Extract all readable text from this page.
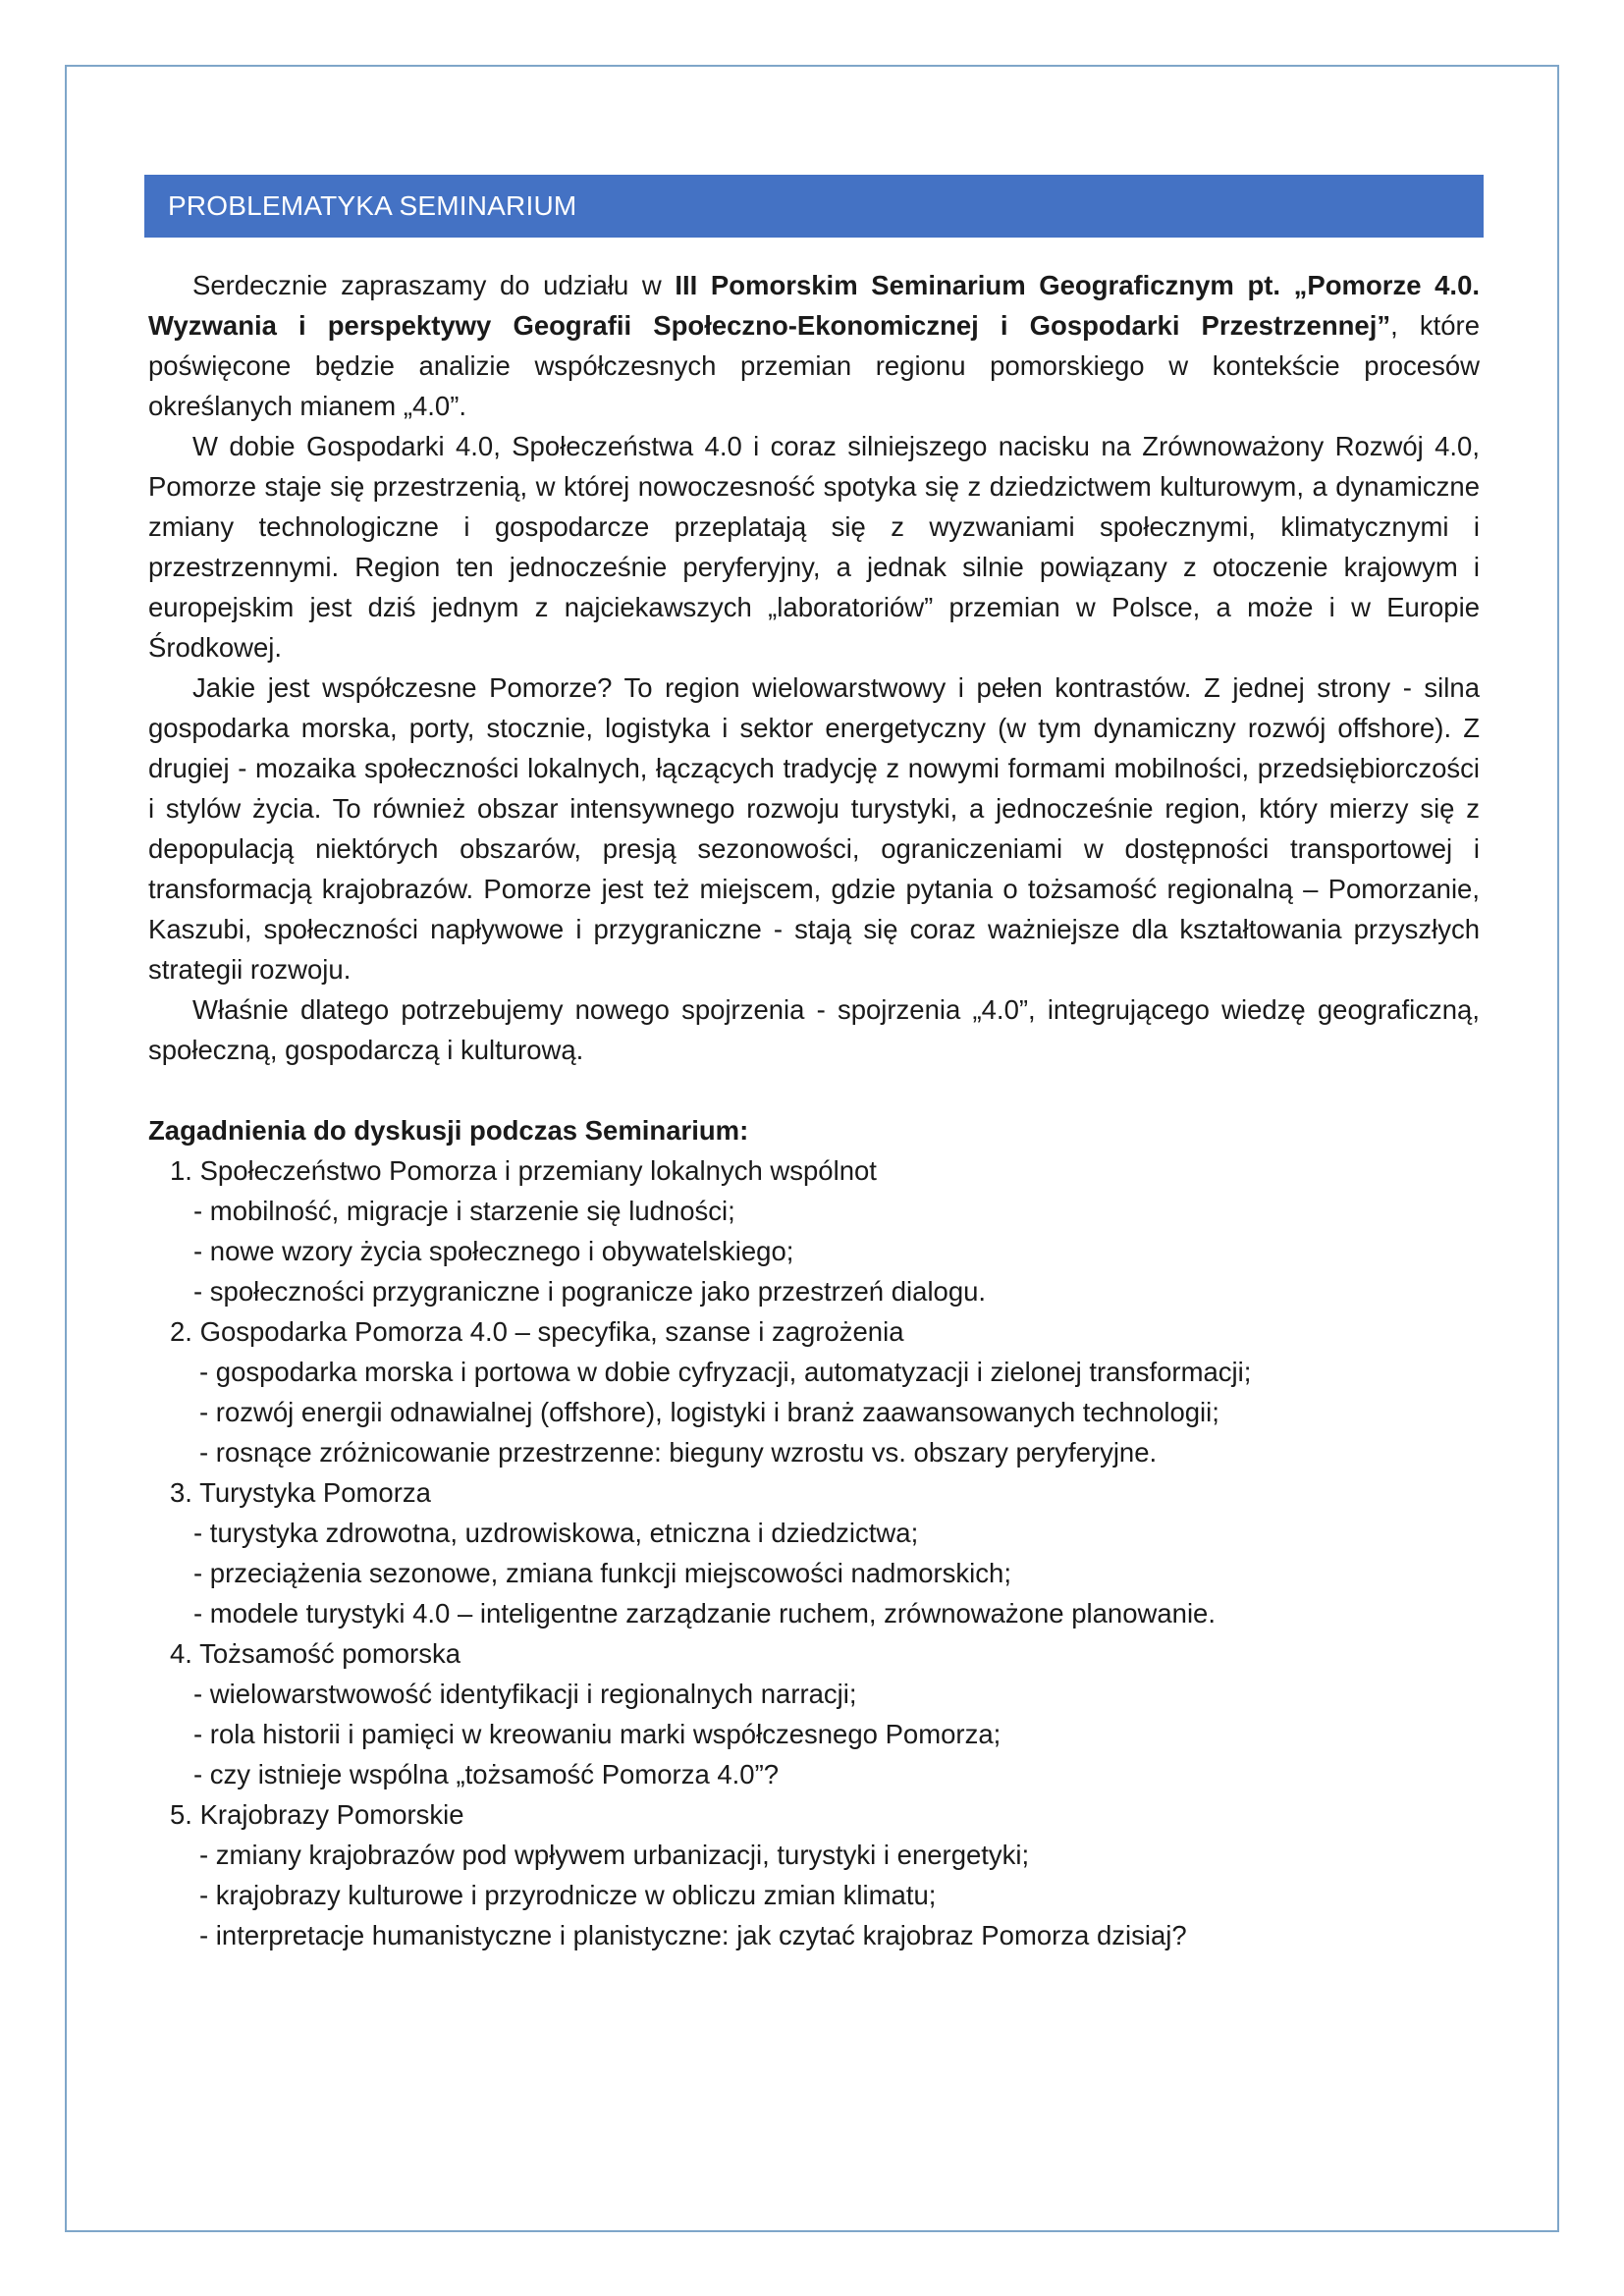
PROBLEMATYKA SEMINARIUM

Serdecznie zapraszamy do udziału w III Pomorskim Seminarium Geograficznym pt. „Pomorze 4.0. Wyzwania i perspektywy Geografii Społeczno-Ekonomicznej i Gospodarki Przestrzennej”, które poświęcone będzie analizie współczesnych przemian regionu pomorskiego w kontekście procesów określanych mianem „4.0”.

W dobie Gospodarki 4.0, Społeczeństwa 4.0 i coraz silniejszego nacisku na Zrównoważony Rozwój 4.0, Pomorze staje się przestrzenią, w której nowoczesność spotyka się z dziedzictwem kulturowym, a dynamiczne zmiany technologiczne i gospodarcze przeplatają się z wyzwaniami społecznymi, klimatycznymi i przestrzennymi. Region ten jednocześnie peryferyjny, a jednak silnie powiązany z otoczenie krajowym i europejskim jest dziś jednym z najciekawszych „laboratoriów” przemian w Polsce, a może i w Europie Środkowej.

Jakie jest współczesne Pomorze? To region wielowarstwowy i pełen kontrastów. Z jednej strony - silna gospodarka morska, porty, stocznie, logistyka i sektor energetyczny (w tym dynamiczny rozwój offshore). Z drugiej - mozaika społeczności lokalnych, łączących tradycję z nowymi formami mobilności, przedsiębiorczości i stylów życia. To również obszar intensywnego rozwoju turystyki, a jednocześnie region, który mierzy się z depopulacją niektórych obszarów, presją sezonowości, ograniczeniami w dostępności transportowej i transformacją krajobrazów. Pomorze jest też miejscem, gdzie pytania o tożsamość regionalną – Pomorzanie, Kaszubi, społeczności napływowe i przygraniczne - stają się coraz ważniejsze dla kształtowania przyszłych strategii rozwoju.

Właśnie dlatego potrzebujemy nowego spojrzenia - spojrzenia „4.0”, integrującego wiedzę geograficzną, społeczną, gospodarczą i kulturową.

Zagadnienia do dyskusji podczas Seminarium:

1. Społeczeństwo Pomorza i przemiany lokalnych wspólnot

- mobilność, migracje i starzenie się ludności;

- nowe wzory życia społecznego i obywatelskiego;

- społeczności przygraniczne i pogranicze jako przestrzeń dialogu.

2. Gospodarka Pomorza 4.0 – specyfika, szanse i zagrożenia

- gospodarka morska i portowa w dobie cyfryzacji, automatyzacji i zielonej transformacji;

- rozwój energii odnawialnej (offshore), logistyki i branż zaawansowanych technologii;

- rosnące zróżnicowanie przestrzenne: bieguny wzrostu vs. obszary peryferyjne.

3. Turystyka Pomorza

- turystyka zdrowotna, uzdrowiskowa, etniczna i dziedzictwa;

- przeciążenia sezonowe, zmiana funkcji miejscowości nadmorskich;

- modele turystyki 4.0 – inteligentne zarządzanie ruchem, zrównoważone planowanie.

4. Tożsamość pomorska

- wielowarstwowość identyfikacji i regionalnych narracji;

- rola historii i pamięci w kreowaniu marki współczesnego Pomorza;

- czy istnieje wspólna „tożsamość Pomorza 4.0”?

5. Krajobrazy Pomorskie

- zmiany krajobrazów pod wpływem urbanizacji, turystyki i energetyki;

- krajobrazy kulturowe i przyrodnicze w obliczu zmian klimatu;

- interpretacje humanistyczne i planistyczne: jak czytać krajobraz Pomorza dzisiaj?
